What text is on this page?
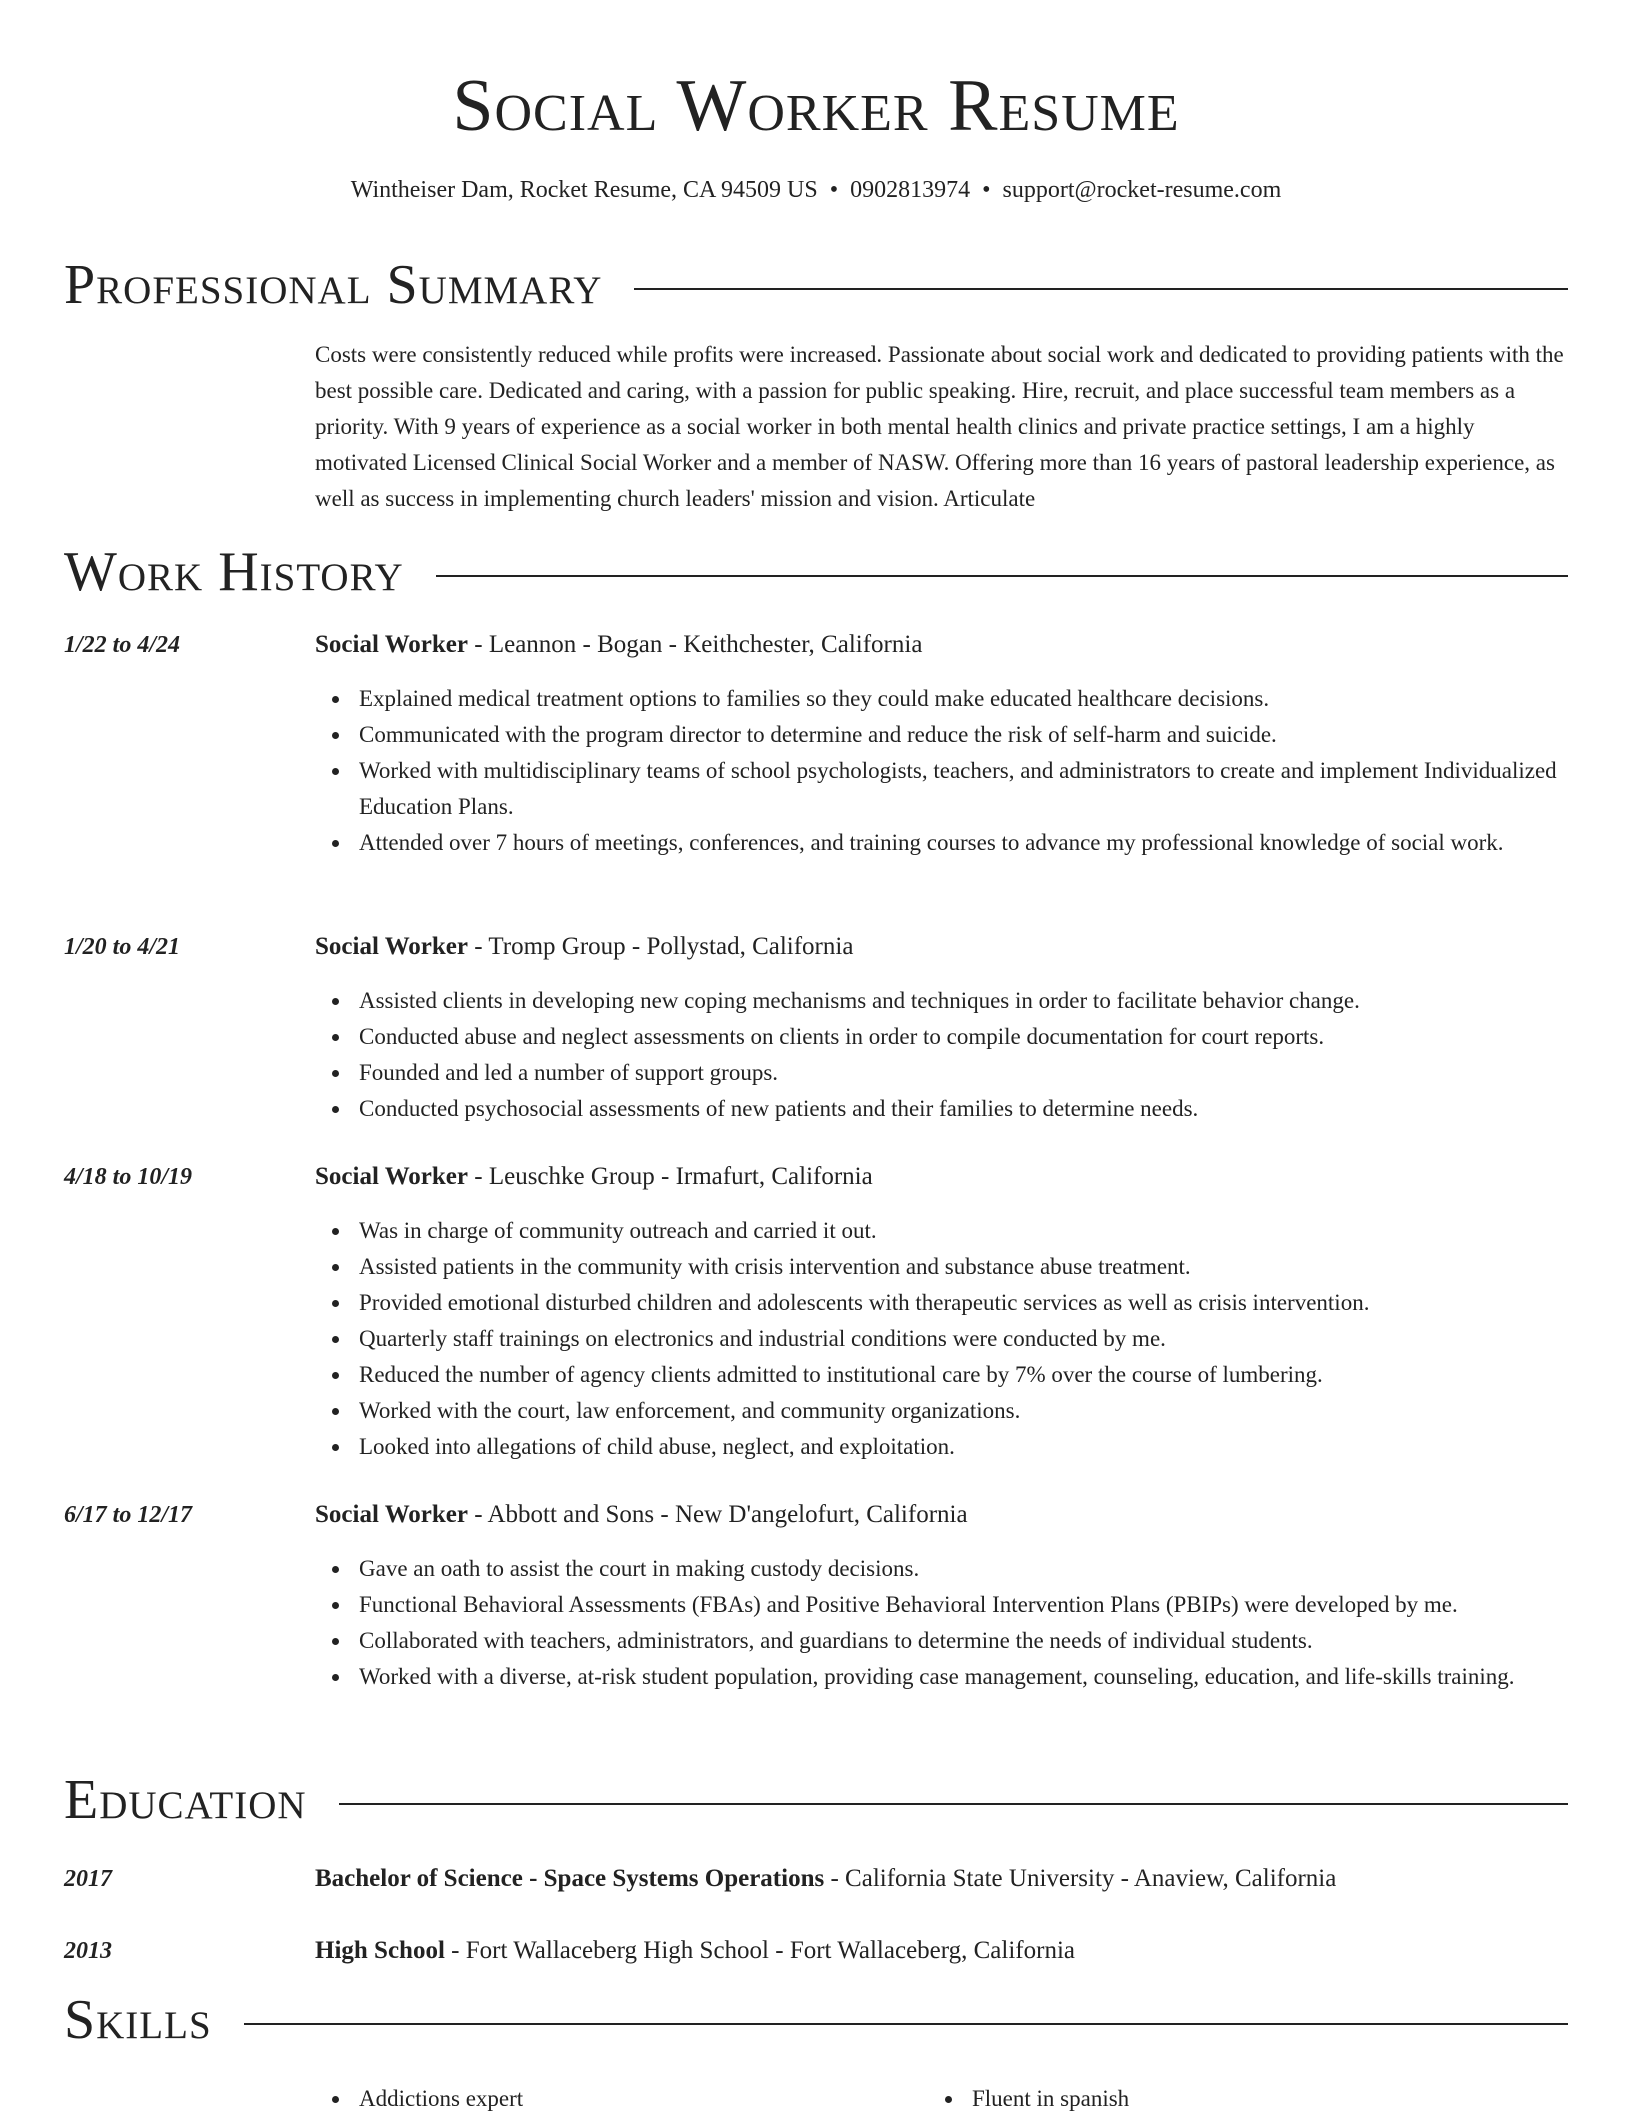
Social Worker Resume
Wintheiser Dam, Rocket Resume, CA 94509 US • 0902813974 • support@rocket-resume.com
Professional Summary

Costs were consistently reduced while profits were increased. Passionate about social work and dedicated to providing patients with the best possible care. Dedicated and caring, with a passion for public speaking. Hire, recruit, and place successful team members as a priority. With 9 years of experience as a social worker in both mental health clinics and private practice settings, I am a highly motivated Licensed Clinical Social Worker and a member of NASW. Offering more than 16 years of pastoral leadership experience, as well as success in implementing church leaders' mission and vision. Articulate

Work History
1/22 to 4/24	Social Worker - Leannon - Bogan - Keithchester, California
Explained medical treatment options to families so they could make educated healthcare decisions.
Communicated with the program director to determine and reduce the risk of self-harm and suicide.
Worked with multidisciplinary teams of school psychologists, teachers, and administrators to create and implement Individualized Education Plans.
Attended over 7 hours of meetings, conferences, and training courses to advance my professional knowledge of social work.
1/20 to 4/21	Social Worker - Tromp Group - Pollystad, California
Assisted clients in developing new coping mechanisms and techniques in order to facilitate behavior change.
Conducted abuse and neglect assessments on clients in order to compile documentation for court reports.
Founded and led a number of support groups.
Conducted psychosocial assessments of new patients and their families to determine needs.
4/18 to 10/19	Social Worker - Leuschke Group - Irmafurt, California
Was in charge of community outreach and carried it out.
Assisted patients in the community with crisis intervention and substance abuse treatment.
Provided emotional disturbed children and adolescents with therapeutic services as well as crisis intervention.
Quarterly staff trainings on electronics and industrial conditions were conducted by me.
Reduced the number of agency clients admitted to institutional care by 7% over the course of lumbering.
Worked with the court, law enforcement, and community organizations.
Looked into allegations of child abuse, neglect, and exploitation.
6/17 to 12/17	Social Worker - Abbott and Sons - New D'angelofurt, California
Gave an oath to assist the court in making custody decisions.
Functional Behavioral Assessments (FBAs) and Positive Behavioral Intervention Plans (PBIPs) were developed by me.
Collaborated with teachers, administrators, and guardians to determine the needs of individual students.
Worked with a diverse, at-risk student population, providing case management, counseling, education, and life-skills training.
Education
2017	Bachelor of Science - Space Systems Operations - California State University - Anaview, California
2013	High School - Fort Wallaceberg High School - Fort Wallaceberg, California
Skills
Addictions expert	Fluent in spanish
